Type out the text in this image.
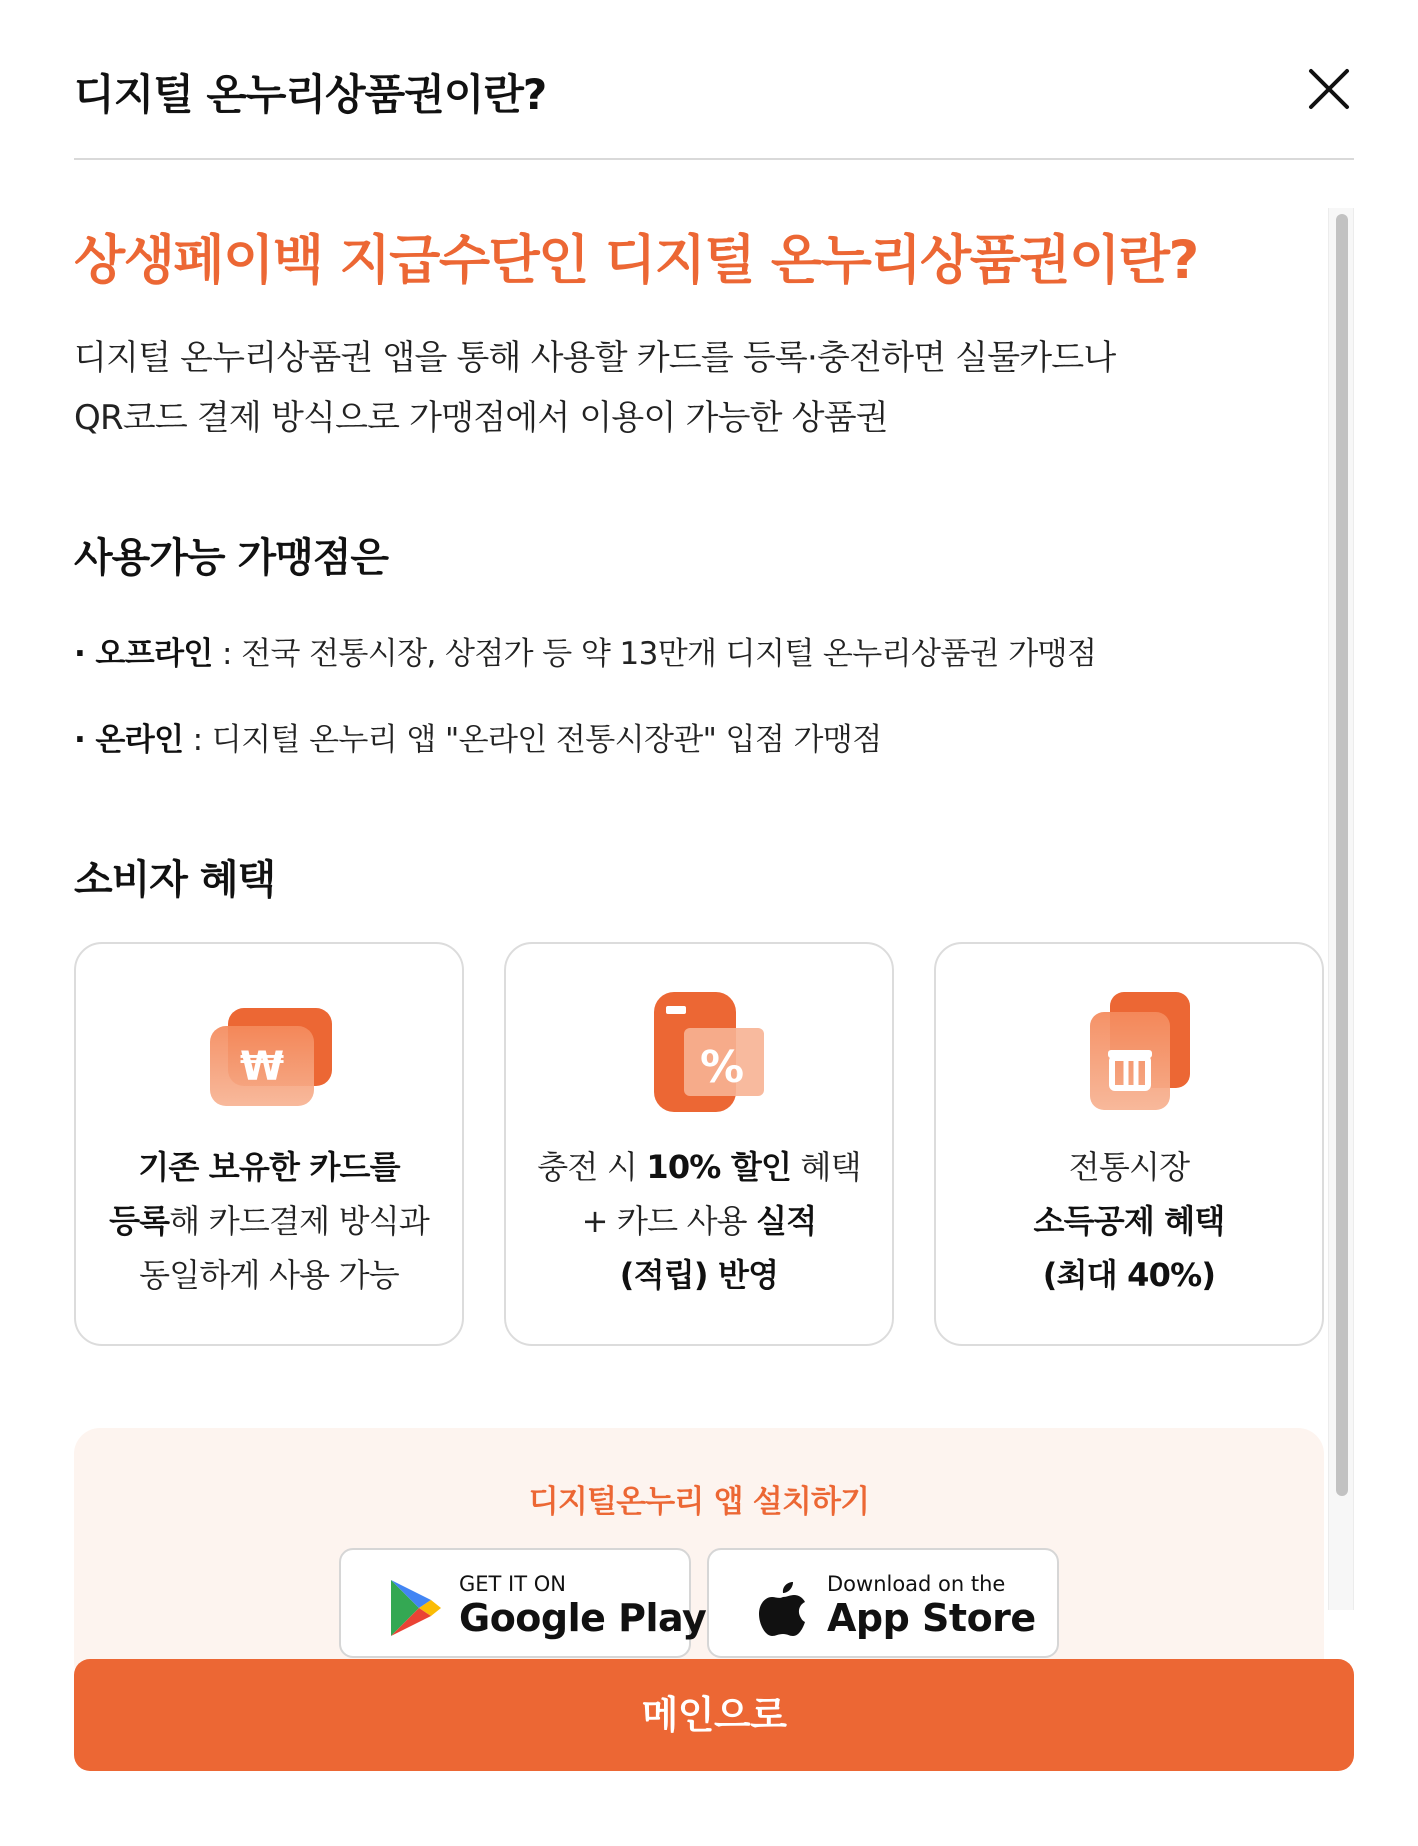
디지털 온누리상품권이란?
상생페이백 지급수단인 디지털 온누리상품권이란?
디지털 온누리상품권 앱을 통해 사용할 카드를 등록·충전하면 실물카드나
QR코드 결제 방식으로 가맹점에서 이용이 가능한 상품권
사용가능 가맹점은
· 오프라인 : 전국 전통시장, 상점가 등 약 13만개 디지털 온누리상품권 가맹점
· 온라인 : 디지털 온누리 앱 "온라인 전통시장관" 입점 가맹점
소비자 혜택
₩
기존 보유한 카드를
등록해 카드결제 방식과
동일하게 사용 가능
%
충전 시 10% 할인 혜택
+ 카드 사용 실적
(적립) 반영
전통시장
소득공제 혜택
(최대 40%)
디지털온누리 앱 설치하기
GET IT ON
Google Play
Download on the
App Store
메인으로
